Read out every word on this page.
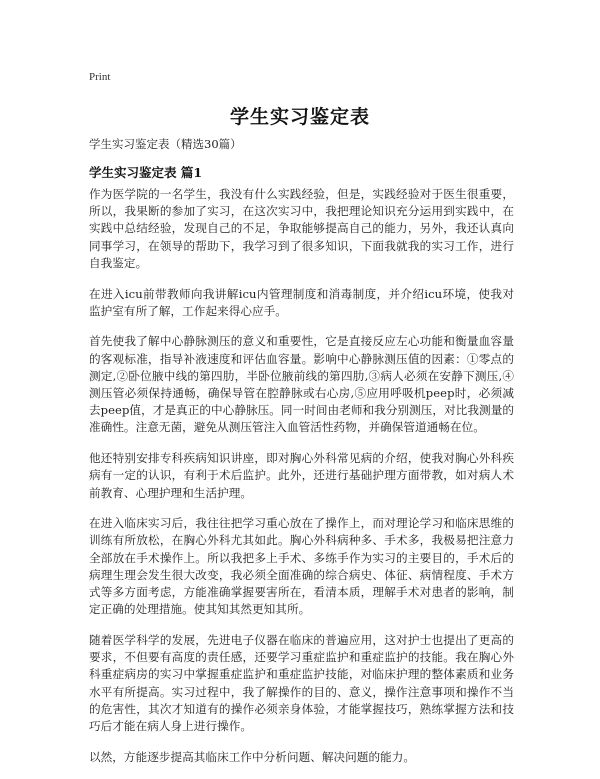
Print
学生实习鉴定表
学生实习鉴定表（精选30篇）
学生实习鉴定表 篇1

作为医学院的一名学生，我没有什么实践经验，但是，实践经验对于医生很重要，所以，我果断的参加了实习，在这次实习中，我把理论知识充分运用到实践中，在实践中总结经验，发现自己的不足，争取能够提高自己的能力，另外，我还认真向同事学习，在领导的帮助下，我学习到了很多知识，下面我就我的实习工作，进行自我鉴定。

在进入icu前带教师向我讲解icu内管理制度和消毒制度，并介绍icu环境，使我对监护室有所了解，工作起来得心应手。

首先使我了解中心静脉测压的意义和重要性，它是直接反应左心功能和衡量血容量的客观标准，指导补液速度和评估血容量。影响中心静脉测压值的因素：①零点的测定,②卧位腋中线的第四肋，半卧位腋前线的第四肋,③病人必须在安静下测压,④测压管必须保持通畅，确保导管在腔静脉或右心房,⑤应用呼吸机peep时，必须减去peep值，才是真正的中心静脉压。同一时间由老师和我分别测压，对比我测量的准确性。注意无菌，避免从测压管注入血管活性药物，并确保管道通畅在位。

他还特别安排专科疾病知识讲座，即对胸心外科常见病的介绍，使我对胸心外科疾病有一定的认识，有利于术后监护。此外，还进行基础护理方面带教，如对病人术前教育、心理护理和生活护理。

在进入临床实习后，我往往把学习重心放在了操作上，而对理论学习和临床思维的训练有所放松，在胸心外科尤其如此。胸心外科病种多、手术多，我极易把注意力全部放在手术操作上。所以我把多上手术、多练手作为实习的主要目的，手术后的病理生理会发生很大改变，我必须全面准确的综合病史、体征、病情程度、手术方式等多方面考虑，方能准确掌握要害所在，看清本质，理解手术对患者的影响，制定正确的处理措施。使其知其然更知其所。

随着医学科学的发展，先进电子仪器在临床的普遍应用，这对护士也提出了更高的要求，不但要有高度的责任感，还要学习重症监护和重症监护的技能。我在胸心外科重症病房的实习中掌握重症监护和重症监护技能，对临床护理的整体素质和业务水平有所提高。实习过程中，我了解操作的目的、意义，操作注意事项和操作不当的危害性，其次才知道有的操作必须亲身体验，才能掌握技巧，熟练掌握方法和技巧后才能在病人身上进行操作。

以然，方能逐步提高其临床工作中分析问题、解决问题的能力。
